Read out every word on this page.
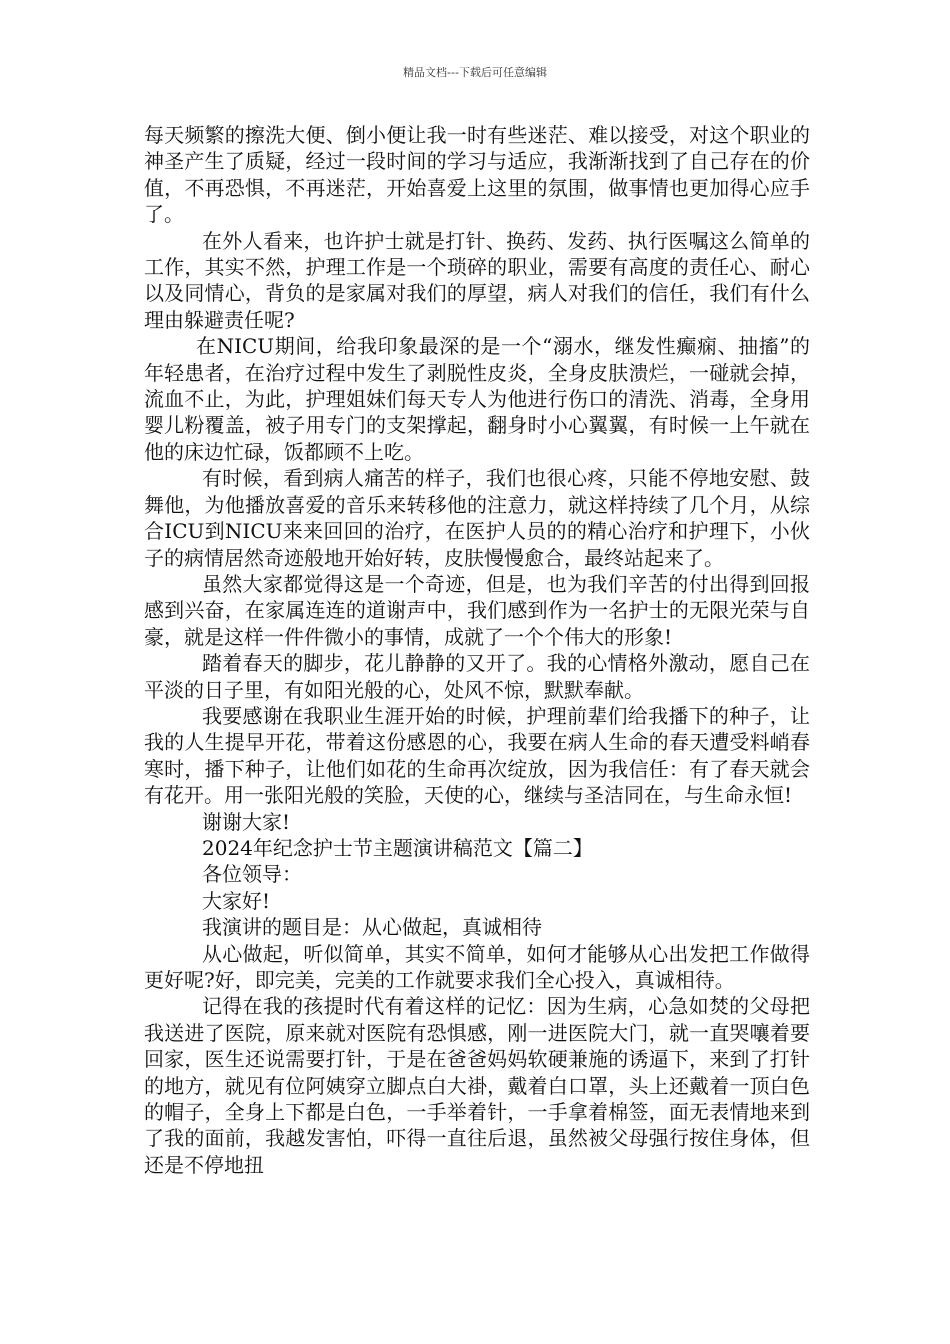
精品文档---下载后可任意编辑

每天频繁的擦洗大便、倒小便让我一时有些迷茫、难以接受，对这个职业的神圣产生了质疑，经过一段时间的学习与适应，我渐渐找到了自己存在的价值，不再恐惧，不再迷茫，开始喜爱上这里的氛围，做事情也更加得心应手了。

在外人看来，也许护士就是打针、换药、发药、执行医嘱这么简单的工作，其实不然，护理工作是一个琐碎的职业，需要有高度的责任心、耐心以及同情心，背负的是家属对我们的厚望，病人对我们的信任，我们有什么理由躲避责任呢?

在NICU期间，给我印象最深的是一个“溺水，继发性癫痫、抽搐”的年轻患者，在治疗过程中发生了剥脱性皮炎，全身皮肤溃烂，一碰就会掉，流血不止，为此，护理姐妹们每天专人为他进行伤口的清洗、消毒，全身用婴儿粉覆盖，被子用专门的支架撑起，翻身时小心翼翼，有时候一上午就在他的床边忙碌，饭都顾不上吃。

有时候，看到病人痛苦的样子，我们也很心疼，只能不停地安慰、鼓舞他，为他播放喜爱的音乐来转移他的注意力，就这样持续了几个月，从综合ICU到NICU来来回回的治疗，在医护人员的的精心治疗和护理下，小伙子的病情居然奇迹般地开始好转，皮肤慢慢愈合，最终站起来了。

虽然大家都觉得这是一个奇迹，但是，也为我们辛苦的付出得到回报感到兴奋，在家属连连的道谢声中，我们感到作为一名护士的无限光荣与自豪，就是这样一件件微小的事情，成就了一个个伟大的形象!

踏着春天的脚步，花儿静静的又开了。我的心情格外激动，愿自己在平淡的日子里，有如阳光般的心，处风不惊，默默奉献。

我要感谢在我职业生涯开始的时候，护理前辈们给我播下的种子，让我的人生提早开花，带着这份感恩的心，我要在病人生命的春天遭受料峭春寒时，播下种子，让他们如花的生命再次绽放，因为我信任：有了春天就会有花开。用一张阳光般的笑脸，天使的心，继续与圣洁同在，与生命永恒!

谢谢大家!

2024年纪念护士节主题演讲稿范文【篇二】

各位领导：

大家好!

我演讲的题目是：从心做起，真诚相待

从心做起，听似简单，其实不简单，如何才能够从心出发把工作做得更好呢?好，即完美，完美的工作就要求我们全心投入，真诚相待。

记得在我的孩提时代有着这样的记忆：因为生病，心急如焚的父母把我送进了医院，原来就对医院有恐惧感，刚一进医院大门，就一直哭嚷着要回家，医生还说需要打针，于是在爸爸妈妈软硬兼施的诱逼下，来到了打针的地方，就见有位阿姨穿立脚点白大褂，戴着白口罩，头上还戴着一顶白色的帽子，全身上下都是白色，一手举着针，一手拿着棉签，面无表情地来到了我的面前，我越发害怕，吓得一直往后退，虽然被父母强行按住身体，但还是不停地扭
